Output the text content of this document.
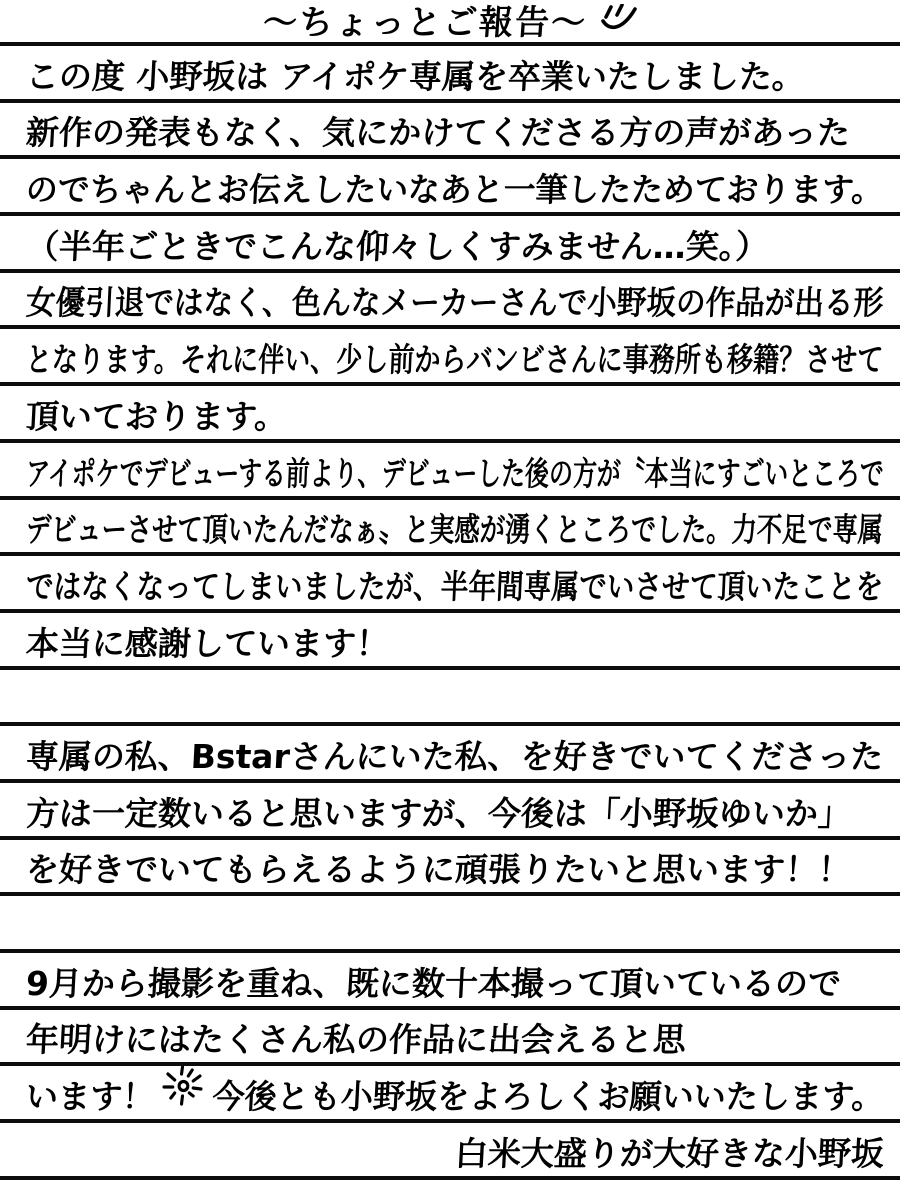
〜ちょっとご報告〜
この度 小野坂は アイポケ専属を卒業いたしました。
新作の発表もなく、気にかけてくださる方の声があった
のでちゃんとお伝えしたいなあと一筆したためております。
（半年ごときでこんな仰々しくすみません…笑。）
女優引退ではなく、色んなメーカーさんで小野坂の作品が出る形
となります。それに伴い、少し前からバンビさんに事務所も移籍？させて
頂いております。
アイポケでデビューする前より、デビューした後の方が〝本当にすごいところで
デビューさせて頂いたんだなぁ〟と実感が湧くところでした。力不足で専属
ではなくなってしまいましたが、半年間専属でいさせて頂いたことを
本当に感謝しています！
専属の私、Bstarさんにいた私、を好きでいてくださった
方は一定数いると思いますが、今後は「小野坂ゆいか」
を好きでいてもらえるように頑張りたいと思います！！
9月から撮影を重ね、既に数十本撮って頂いているので
年明けにはたくさん私の作品に出会えると思
います！ 今後とも小野坂をよろしくお願いいたします。
白米大盛りが大好きな小野坂
